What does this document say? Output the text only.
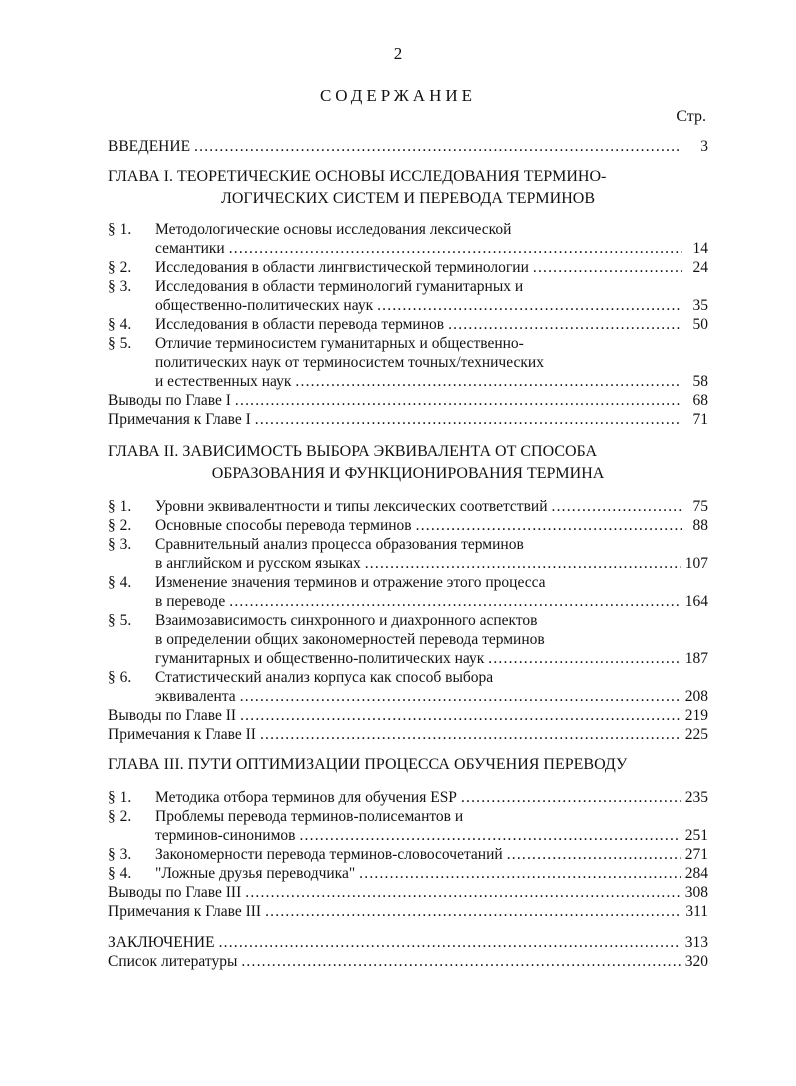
2
СОДЕРЖАНИЕ
Стр.
ВВЕДЕНИЕ .....	3
ГЛАВА I. ТЕОРЕТИЧЕСКИЕ ОСНОВЫ ИССЛЕДОВАНИЯ ТЕРМИНО-
ЛОГИЧЕСКИХ СИСТЕМ И ПЕРЕВОДА ТЕРМИНОВ
§ 1.	Методологические основы исследования лексической
семантики .....	14
§ 2.	Исследования в области лингвистической терминологии .....	24
§ 3.	Исследования в области терминологий гуманитарных и
общественно-политических наук .....	35
§ 4.	Исследования в области перевода терминов .....	50
§ 5.	Отличие терминосистем гуманитарных и общественно-
политических наук от терминосистем точных/технических
и естественных наук .....	58
Выводы по Главе I .....	68
Примечания к Главе I .....	71
ГЛАВА II. ЗАВИСИМОСТЬ ВЫБОРА ЭКВИВАЛЕНТА ОТ СПОСОБА
ОБРАЗОВАНИЯ И ФУНКЦИОНИРОВАНИЯ ТЕРМИНА
§ 1.	Уровни эквивалентности и типы лексических соответствий .....	75
§ 2.	Основные способы перевода терминов .....	88
§ 3.	Сравнительный анализ процесса образования терминов
в английском и русском языках .....	107
§ 4.	Изменение значения терминов и отражение этого процесса
в переводе .....	164
§ 5.	Взаимозависимость синхронного и диахронного аспектов
в определении общих закономерностей перевода терминов
гуманитарных и общественно-политических наук .....	187
§ 6.	Статистический анализ корпуса как способ выбора
эквивалента .....	208
Выводы по Главе II .....	219
Примечания к Главе II .....	225
ГЛАВА III. ПУТИ ОПТИМИЗАЦИИ ПРОЦЕССА ОБУЧЕНИЯ ПЕРЕВОДУ
§ 1.	Методика отбора терминов для обучения ESP .....	235
§ 2.	Проблемы перевода терминов-полисемантов и
терминов-синонимов .....	251
§ 3.	Закономерности перевода терминов-словосочетаний .....	271
§ 4.	"Ложные друзья переводчика" .....	284
Выводы по Главе III .....	308
Примечания к Главе III .....	311
ЗАКЛЮЧЕНИЕ .....	313
Список литературы .....	320
